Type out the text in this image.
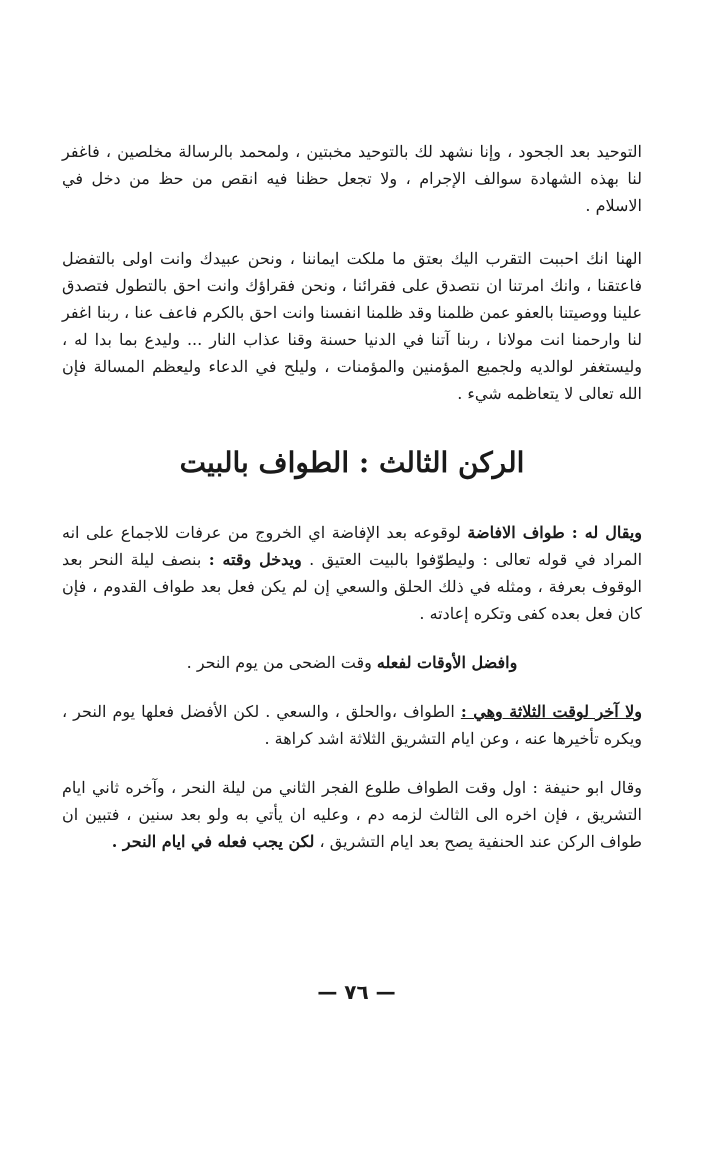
التوحيد بعد الجحود ، وإنا نشهد لك بالتوحيد مخبتين ، ولمحمد بالرسالة مخلصين ، فاغفر لنا بهذه الشهادة سوالف الإجرام ، ولا تجعل حظنا فيه انقص من حظ من دخل في الاسلام .

الهنا انك احببت التقرب اليك بعتق ما ملكت ايماننا ، ونحن عبيدك وانت اولى بالتفضل فاعتقنا ، وانك امرتنا ان نتصدق على فقرائنا ، ونحن فقراؤك وانت احق بالتطول فتصدق علينا ووصيتنا بالعفو عمن ظلمنا وقد ظلمنا انفسنا وانت احق بالكرم فاعف عنا ، ربنا اغفر لنا وارحمنا انت مولانا ، ربنا آتنا في الدنيا حسنة وقنا عذاب النار ... وليدع بما بدا له ، وليستغفر لوالديه ولجميع المؤمنين والمؤمنات ، وليلح في الدعاء وليعظم المسالة فإن الله تعالى لا يتعاظمه شيء .

الركن الثالث : الطواف بالبيت

ويقال له : طواف الافاضة لوقوعه بعد الإفاضة اي الخروج من عرفات للاجماع على انه المراد في قوله تعالى : وليطوّفوا بالبيت العتيق . ويدخل وقته : بنصف ليلة النحر بعد الوقوف بعرفة ، ومثله في ذلك الحلق والسعي إن لم يكن فعل بعد طواف القدوم ، فإن كان فعل بعده كفى وتكره إعادته .

وافضل الأوقات لفعله وقت الضحى من يوم النحر .

ولا آخر لوقت الثلاثة وهي : الطواف ،والحلق ، والسعي . لكن الأفضل فعلها يوم النحر ، ويكره تأخيرها عنه ، وعن ايام التشريق الثلاثة اشد كراهة .

وقال ابو حنيفة : اول وقت الطواف طلوع الفجر الثاني من ليلة النحر ، وآخره ثاني ايام التشريق ، فإن اخره الى الثالث لزمه دم ، وعليه ان يأتي به ولو بعد سنين ، فتبين ان طواف الركن عند الحنفية يصح بعد ايام التشريق ، لكن يجب فعله في ايام النحر .

— ٧٦ —
